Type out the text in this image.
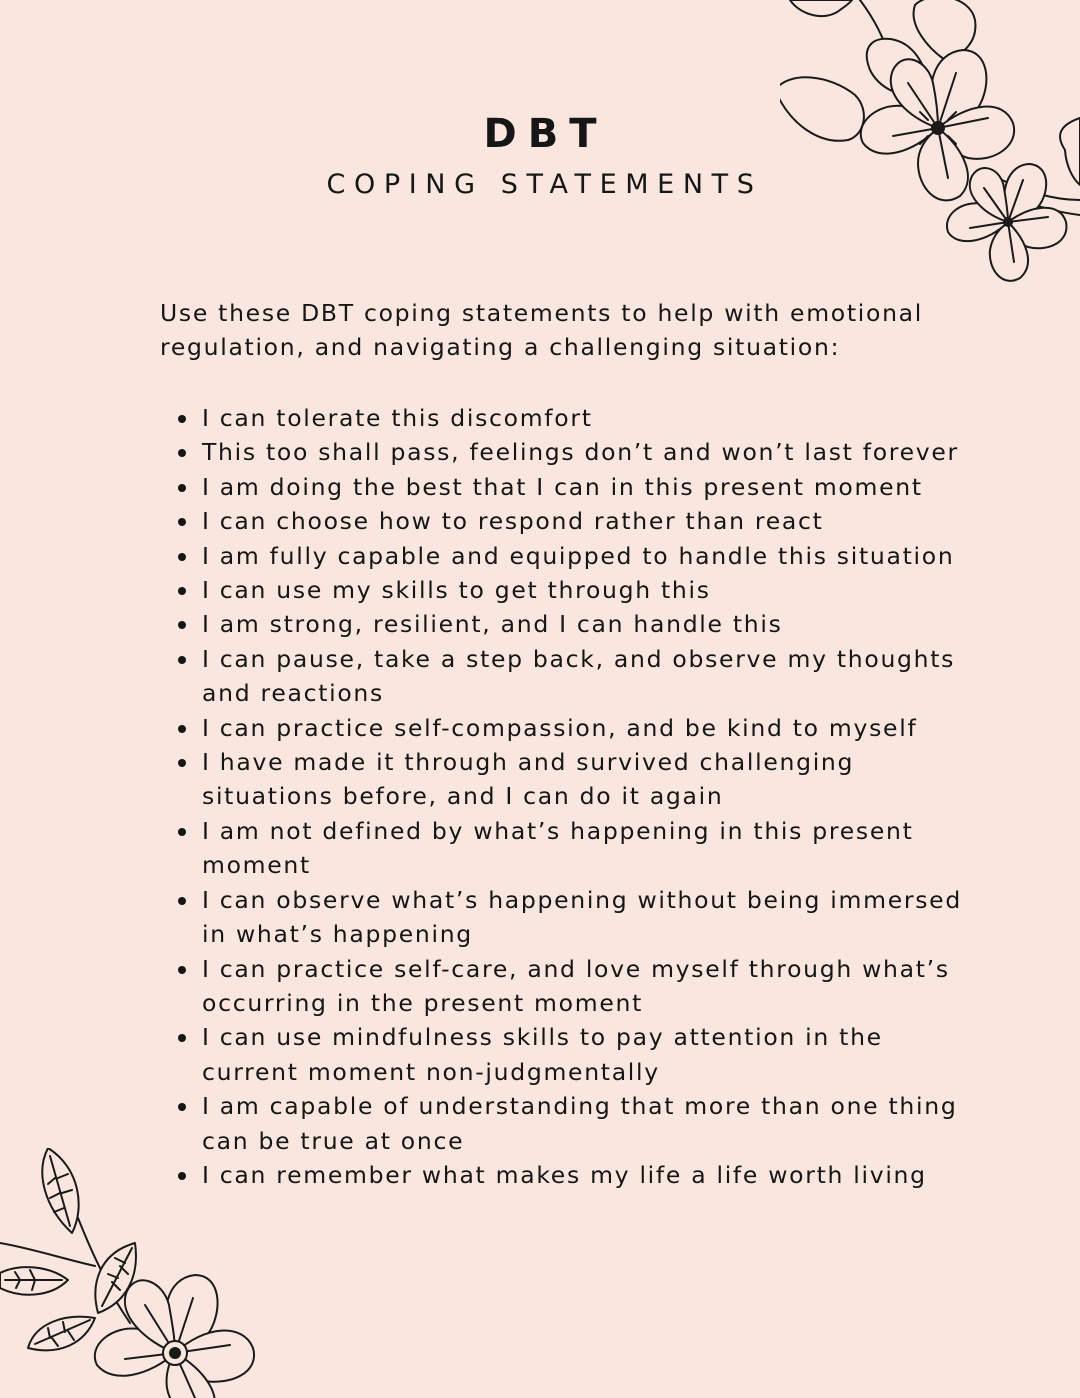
DBT
COPING STATEMENTS

Use these DBT coping statements to help with emotional regulation, and navigating a challenging situation:

I can tolerate this discomfort
This too shall pass, feelings don’t and won’t last forever
I am doing the best that I can in this present moment
I can choose how to respond rather than react
I am fully capable and equipped to handle this situation
I can use my skills to get through this
I am strong, resilient, and I can handle this
I can pause, take a step back, and observe my thoughts and reactions
I can practice self-compassion, and be kind to myself
I have made it through and survived challenging situations before, and I can do it again
I am not defined by what’s happening in this present moment
I can observe what’s happening without being immersed in what’s happening
I can practice self-care, and love myself through what’s occurring in the present moment
I can use mindfulness skills to pay attention in the current moment non-judgmentally
I am capable of understanding that more than one thing can be true at once
I can remember what makes my life a life worth living
